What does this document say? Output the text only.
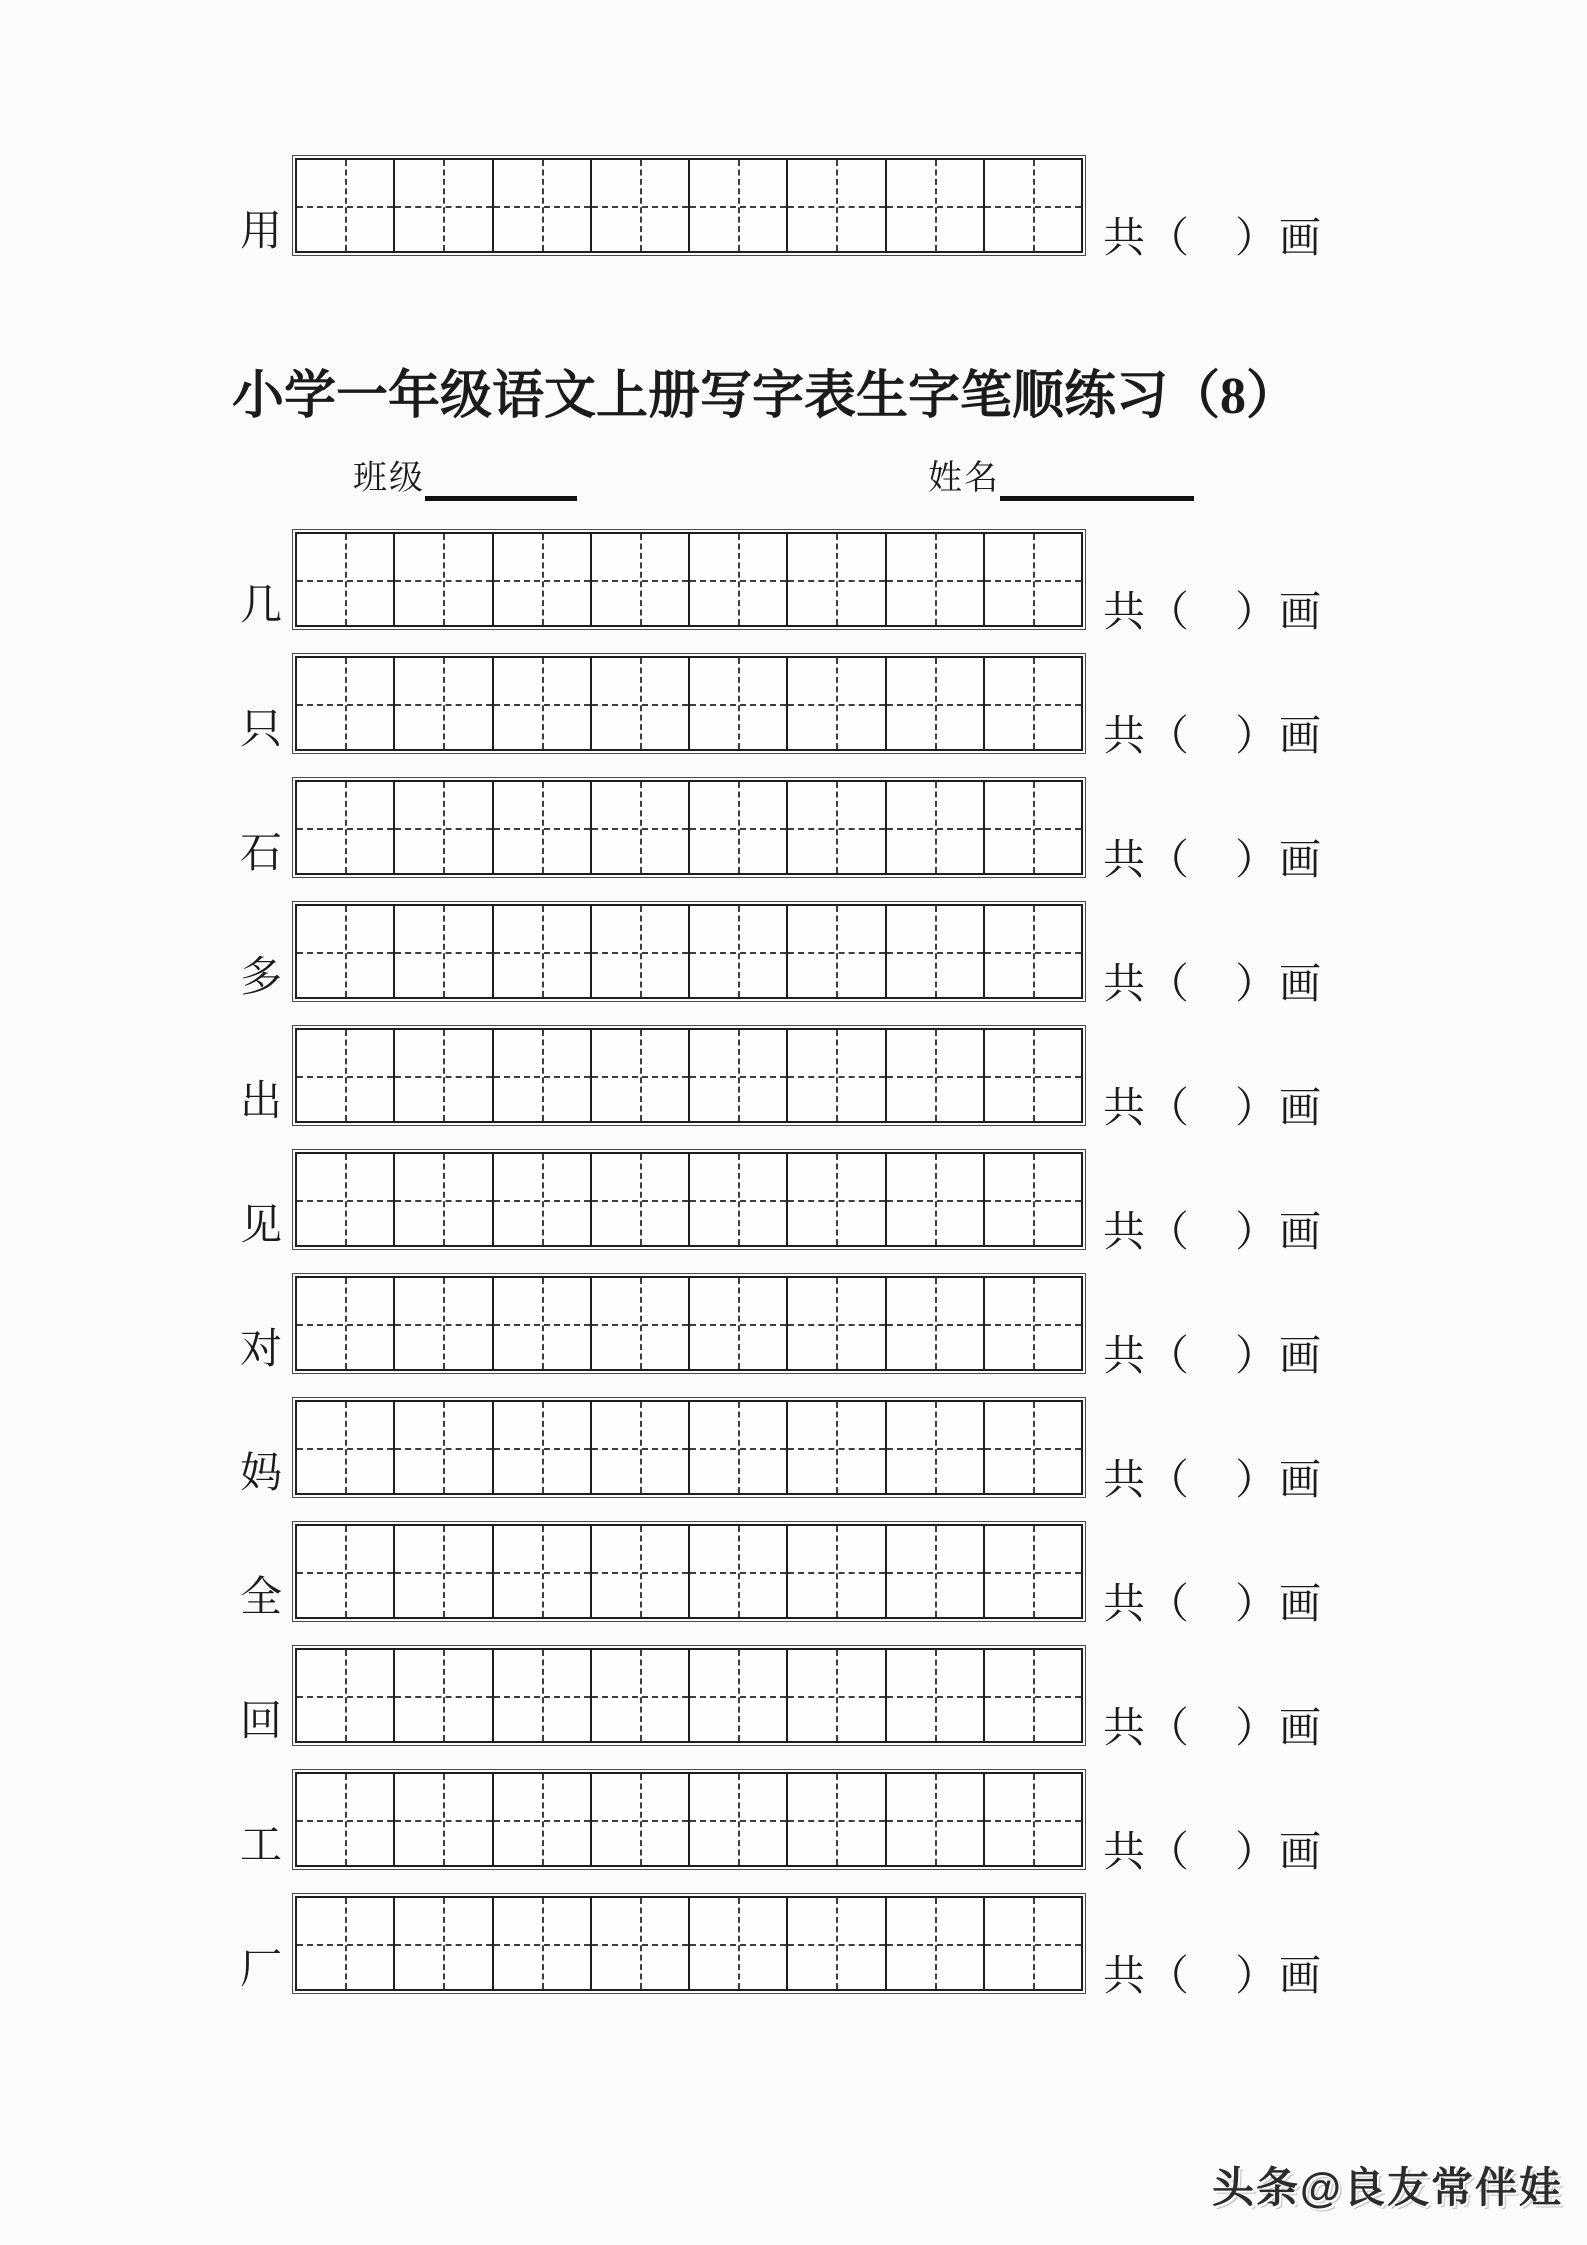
用	共（　）画
小学一年级语文上册写字表生字笔顺练习（8）
班级	姓名
几	共（　）画
只	共（　）画
石	共（　）画
多	共（　）画
出	共（　）画
见	共（　）画
对	共（　）画
妈	共（　）画
全	共（　）画
回	共（　）画
工	共（　）画
厂	共（　）画
头条@良友常伴娃
